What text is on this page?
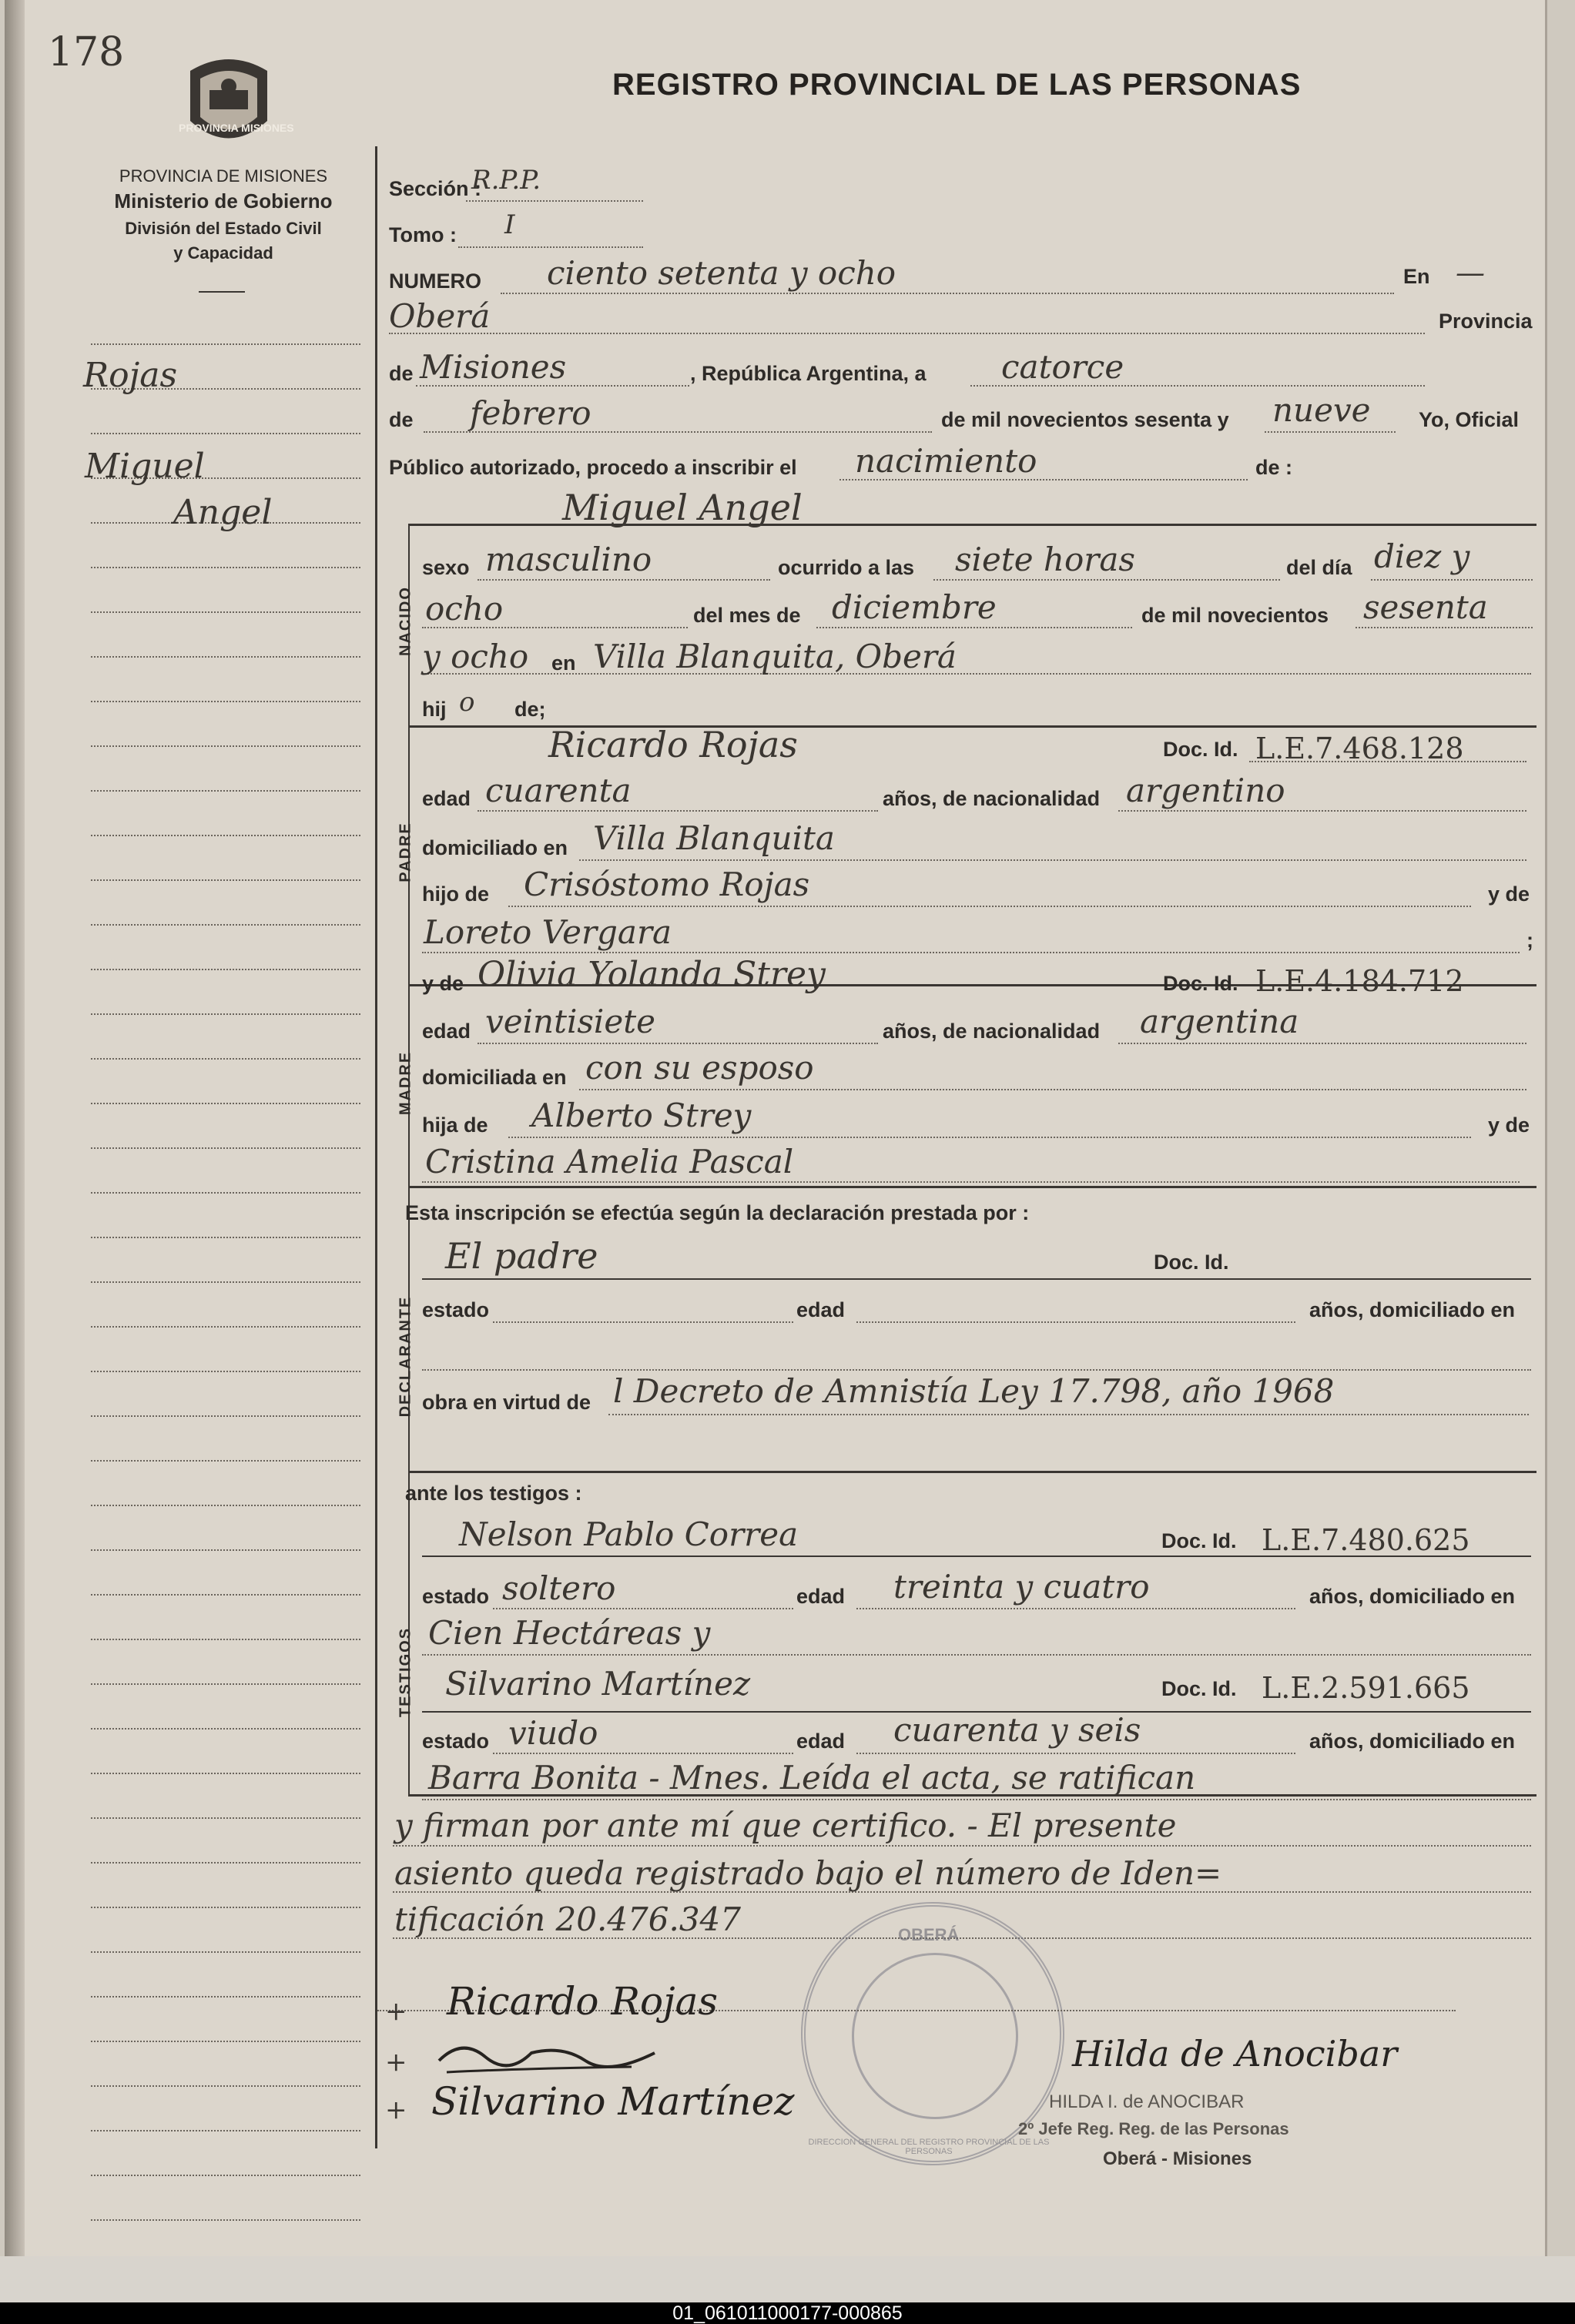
178
PROVINCIA MISIONES
REGISTRO PROVINCIAL DE LAS PERSONAS
PROVINCIA DE MISIONES
Ministerio de Gobierno
División del Estado Civil
y Capacidad
Rojas
Miguel
Angel
NACIDO
PADRE
MADRE
DECLARANTE
TESTIGOS
Sección :
R.P.P.
Tomo : I
NUMERO ciento setenta y ocho	En —
Oberá	Provincia
de Misiones	, República Argentina, a catorce
de febrero	de mil novecientos sesenta y nueve Yo, Oficial
Público autorizado, procedo a inscribir el nacimiento	de :
Miguel Angel
sexo masculino	ocurrido a las siete horas	del día diez y
ocho	del mes de diciembre	de mil novecientos sesenta
y ocho en Villa Blanquita, Oberá
hij o de;
Ricardo Rojas	Doc. Id. L.E.7.468.128
edad cuarenta	años, de nacionalidad argentino
domiciliado en Villa Blanquita
hijo de Crisóstomo Rojas	y de
Loreto Vergara	;
y de Olivia Yolanda Strey	Doc. Id. L.E.4.184.712
edad veintisiete	años, de nacionalidad argentina
domiciliada en con su esposo
hija de Alberto Strey	y de
Cristina Amelia Pascal
Esta inscripción se efectúa según la declaración prestada por :
El padre	Doc. Id.
estado	edad	años, domiciliado en
obra en virtud de l Decreto de Amnistía Ley 17.798, año 1968
ante los testigos :
Nelson Pablo Correa	Doc. Id. L.E.7.480.625
estado soltero	edad treinta y cuatro	años, domiciliado en
Cien Hectáreas y
Silvarino Martínez	Doc. Id. L.E.2.591.665
estado viudo	edad cuarenta y seis	años, domiciliado en
Barra Bonita - Mnes. Leída el acta, se ratifican
y firman por ante mí que certifico. - El presente
asiento queda registrado bajo el número de Iden=
tificación 20.476.347	OBERÁ
DIRECCION GENERAL DEL REGISTRO PROVINCIAL DE LAS PERSONAS
+ Ricardo Rojas
+
+ Silvarino Martínez
Hilda de Anocibar
HILDA I. de ANOCIBAR
2º Jefe Reg. Reg. de las Personas
Oberá - Misiones
01_061011000177-000865
